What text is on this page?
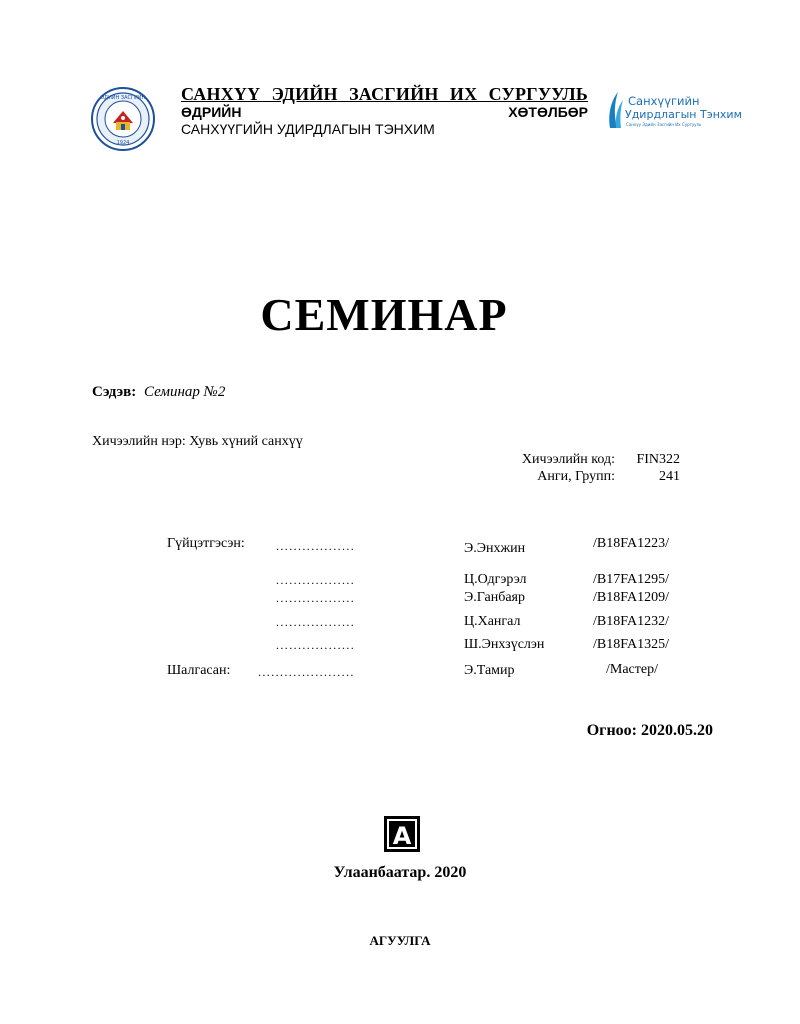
ЭДИЙН ЗАСГИЙН
1924
САНХҮҮ ЭДИЙН ЗАСГИЙН ИХ СУРГУУЛЬ
ӨДРИЙН	ХӨТӨЛБӨР
САНХҮҮГИЙН УДИРДЛАГЫН ТЭНХИМ
Санхүүгийн
Удирдлагын Тэнхим
Санхүү Эдийн Засгийн Их Сургууль
СЕМИНАР
Сэдэв: Семинар №2
Хичээлийн нэр: Хувь хүний санхүү
Хичээлийн код:	FIN322
Анги, Групп:	241
Гүйцэтгэсэн:	..................	Э.Энхжин	/B18FA1223/
..................	Ц.Одгэрэл	/B17FA1295/
..................	Э.Ганбаяр	/B18FA1209/
..................	Ц.Хангал	/B18FA1232/
..................	Ш.Энхзүслэн	/B18FA1325/
Шалгасан: ......................	Э.Тамир	/Мастер/
Огноо: 2020.05.20
A
Улаанбаатар. 2020
АГУУЛГА
